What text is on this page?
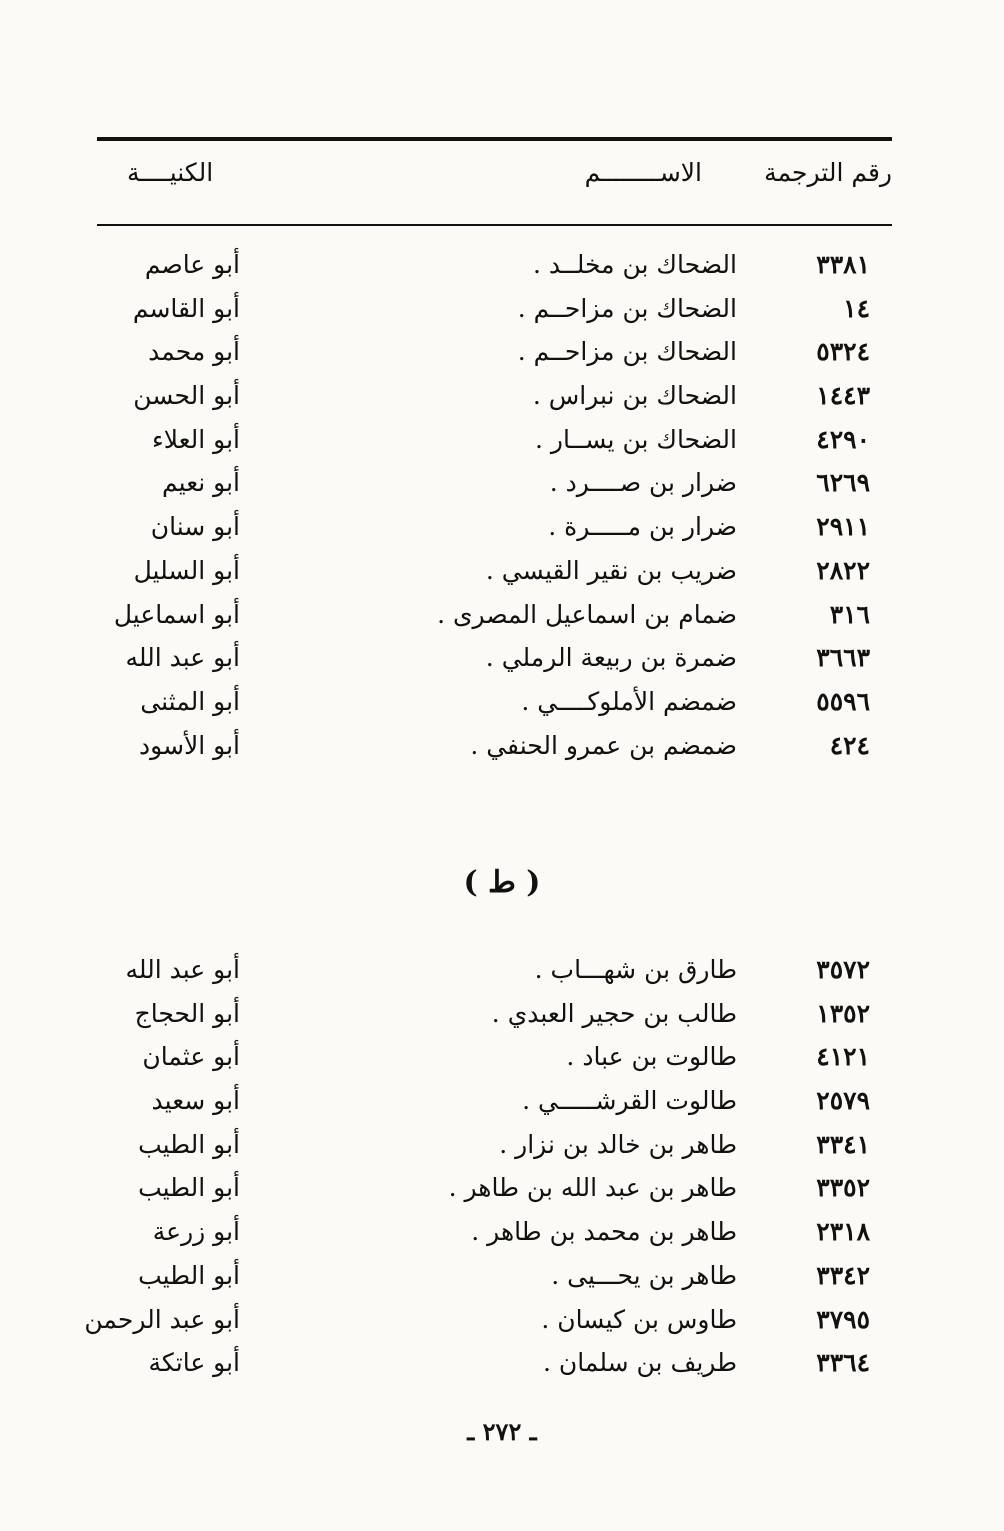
رقم الترجمة
الاســــــــم
الكنيــــة
٣٣٨١
الضحاك بن مخلــد .
أبو عاصم
١٤
الضحاك بن مزاحــم .
أبو القاسم
٥٣٢٤
الضحاك بن مزاحــم .
أبو محمد
١٤٤٣
الضحاك بن نبراس .
أبو الحسن
٤٢٩٠
الضحاك بن يســار .
أبو العلاء
٦٢٦٩
ضرار بن صــــرد .
أبو نعيم
٢٩١١
ضرار بن مـــــرة .
أبو سنان
٢٨٢٢
ضريب بن نقير القيسي .
أبو السليل
٣١٦
ضمام بن اسماعيل المصرى .
أبو اسماعيل
٣٦٦٣
ضمرة بن ربيعة الرملي .
أبو عبد الله
٥٥٩٦
ضمضم الأملوكــــي .
أبو المثنى
٤٢٤
ضمضم بن عمرو الحنفي .
أبو الأسود
( ط )
٣٥٧٢
طارق بن شهـــاب .
أبو عبد الله
١٣٥٢
طالب بن حجير العبدي .
أبو الحجاج
٤١٢١
طالوت بن عباد .
أبو عثمان
٢٥٧٩
طالوت القرشـــــي .
أبو سعيد
٣٣٤١
طاهر بن خالد بن نزار .
أبو الطيب
٣٣٥٢
طاهر بن عبد الله بن طاهر .
أبو الطيب
٢٣١٨
طاهر بن محمد بن طاهر .
أبو زرعة
٣٣٤٢
طاهر بن يحـــيى .
أبو الطيب
٣٧٩٥
طاوس بن كيسان .
أبو عبد الرحمن
٣٣٦٤
طريف بن سلمان .
أبو عاتكة
ـ ٢٧٢ ـ
